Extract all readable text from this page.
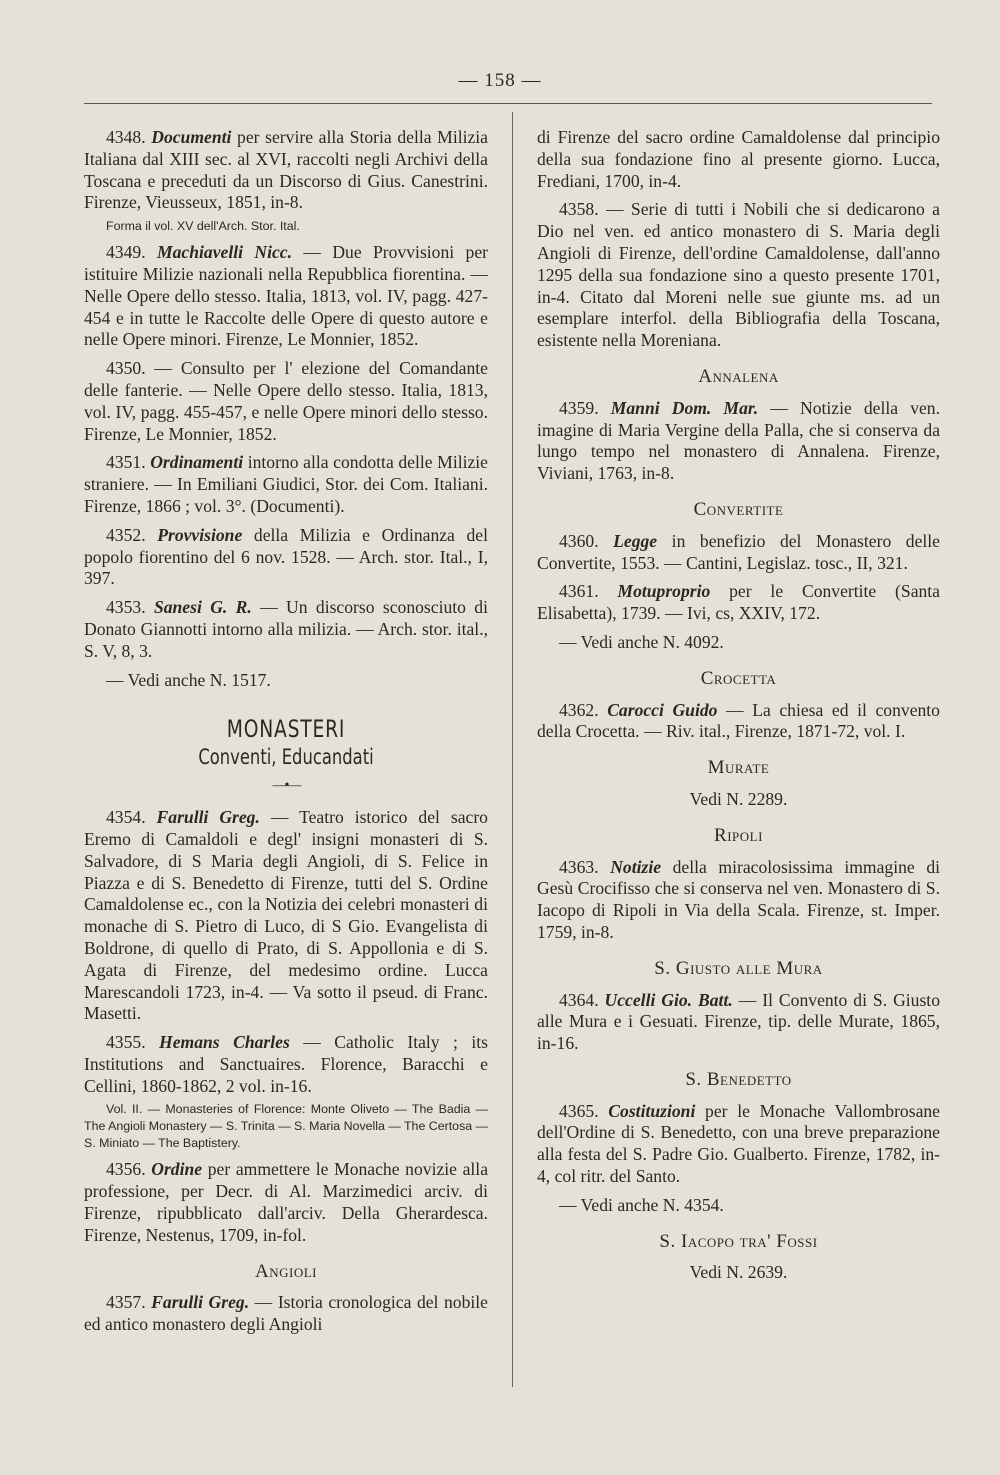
— 158 —

4348. Documenti per servire alla Storia della Milizia Italiana dal XIII sec. al XVI, raccolti negli Archivi della Toscana e preceduti da un Discorso di Gius. Canestrini. Firenze, Vieusseux, 1851, in-8.

Forma il vol. XV dell'Arch. Stor. Ital.

4349. Machiavelli Nicc. — Due Provvisioni per istituire Milizie nazionali nella Repubblica fiorentina. — Nelle Opere dello stesso. Italia, 1813, vol. IV, pagg. 427-454 e in tutte le Raccolte delle Opere di questo autore e nelle Opere minori. Firenze, Le Monnier, 1852.

4350. — Consulto per l' elezione del Comandante delle fanterie. — Nelle Opere dello stesso. Italia, 1813, vol. IV, pagg. 455-457, e nelle Opere minori dello stesso. Firenze, Le Monnier, 1852.

4351. Ordinamenti intorno alla condotta delle Milizie straniere. — In Emiliani Giudici, Stor. dei Com. Italiani. Firenze, 1866 ; vol. 3°. (Documenti).

4352. Provvisione della Milizia e Ordinanza del popolo fiorentino del 6 nov. 1528. — Arch. stor. Ital., I, 397.

4353. Sanesi G. R. — Un discorso sconosciuto di Donato Giannotti intorno alla milizia. — Arch. stor. ital., S. V, 8, 3.

— Vedi anche N. 1517.

MONASTERI
Conventi, Educandati
—•—

4354. Farulli Greg. — Teatro istorico del sacro Eremo di Camaldoli e degl' insigni monasteri di S. Salvadore, di S Maria degli Angioli, di S. Felice in Piazza e di S. Benedetto di Firenze, tutti del S. Ordine Camaldolense ec., con la Notizia dei celebri monasteri di monache di S. Pietro di Luco, di S Gio. Evangelista di Boldrone, di quello di Prato, di S. Appollonia e di S. Agata di Firenze, del medesimo ordine. Lucca Marescandoli 1723, in-4. — Va sotto il pseud. di Franc. Masetti.

4355. Hemans Charles — Catholic Italy ; its Institutions and Sanctuaires. Florence, Baracchi e Cellini, 1860-1862, 2 vol. in-16.

Vol. II. — Monasteries of Florence: Monte Oliveto — The Badia — The Angioli Monastery — S. Trinita — S. Maria Novella — The Certosa — S. Miniato — The Baptistery.

4356. Ordine per ammettere le Monache novizie alla professione, per Decr. di Al. Marzimedici arciv. di Firenze, ripubblicato dall'arciv. Della Gherardesca. Firenze, Nestenus, 1709, in-fol.

Angioli

4357. Farulli Greg. — Istoria cronologica del nobile ed antico monastero degli Angioli

di Firenze del sacro ordine Camaldolense dal principio della sua fondazione fino al presente giorno. Lucca, Frediani, 1700, in-4.

4358. — Serie di tutti i Nobili che si dedicarono a Dio nel ven. ed antico monastero di S. Maria degli Angioli di Firenze, dell'ordine Camaldolense, dall'anno 1295 della sua fondazione sino a questo presente 1701, in-4. Citato dal Moreni nelle sue giunte ms. ad un esemplare interfol. della Bibliografia della Toscana, esistente nella Moreniana.

Annalena

4359. Manni Dom. Mar. — Notizie della ven. imagine di Maria Vergine della Palla, che si conserva da lungo tempo nel monastero di Annalena. Firenze, Viviani, 1763, in-8.

Convertite

4360. Legge in benefizio del Monastero delle Convertite, 1553. — Cantini, Legislaz. tosc., II, 321.

4361. Motuproprio per le Convertite (Santa Elisabetta), 1739. — Ivi, cs, XXIV, 172.

— Vedi anche N. 4092.

Crocetta

4362. Carocci Guido — La chiesa ed il convento della Crocetta. — Riv. ital., Firenze, 1871-72, vol. I.

Murate

Vedi N. 2289.

Ripoli

4363. Notizie della miracolosissima immagine di Gesù Crocifisso che si conserva nel ven. Monastero di S. Iacopo di Ripoli in Via della Scala. Firenze, st. Imper. 1759, in-8.

S. Giusto alle Mura

4364. Uccelli Gio. Batt. — Il Convento di S. Giusto alle Mura e i Gesuati. Firenze, tip. delle Murate, 1865, in-16.

S. Benedetto

4365. Costituzioni per le Monache Vallombrosane dell'Ordine di S. Benedetto, con una breve preparazione alla festa del S. Padre Gio. Gualberto. Firenze, 1782, in-4, col ritr. del Santo.

— Vedi anche N. 4354.

S. Iacopo tra' Fossi

Vedi N. 2639.
